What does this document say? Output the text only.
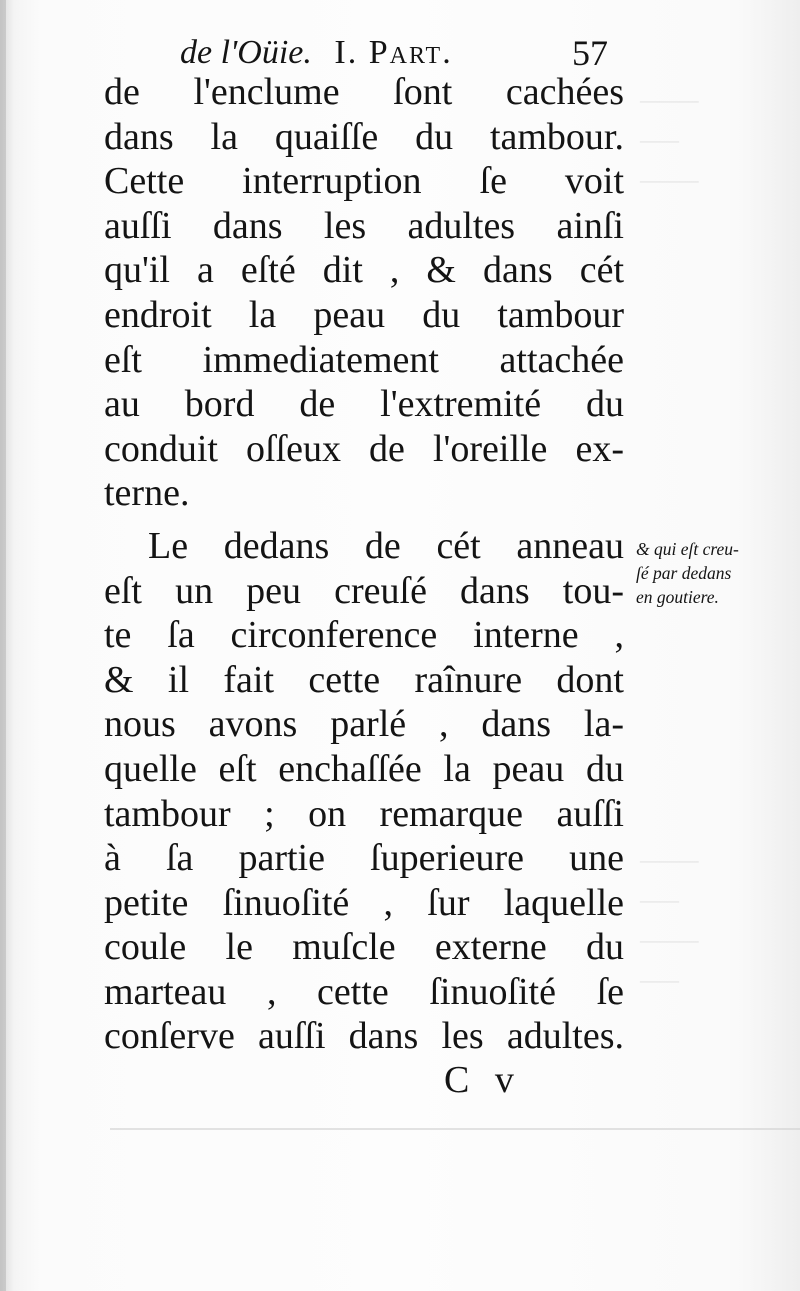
———
——
———
———
——
———
——
de l'Oüie. I. Part.	57
de l'enclume ſont cachées
dans la quaiſſe du tambour.
Cette interruption ſe voit
auſſi dans les adultes ainſi
qu'il a eſté dit , & dans cét
endroit la peau du tambour
eſt immediatement attachée
au bord de l'extremité du
conduit oſſeux de l'oreille ex-
terne.
Le dedans de cét anneau
eſt un peu creuſé dans tou-
te ſa circonference interne ,
& il fait cette raînure dont
nous avons parlé , dans la-
quelle eſt enchaſſée la peau du
tambour ; on remarque auſſi
à ſa partie ſuperieure une
petite ſinuoſité , ſur laquelle
coule le muſcle externe du
marteau , cette ſinuoſité ſe
conſerve auſſi dans les adultes.
& qui eſt creu-
ſé par dedans
en goutiere.
C v
